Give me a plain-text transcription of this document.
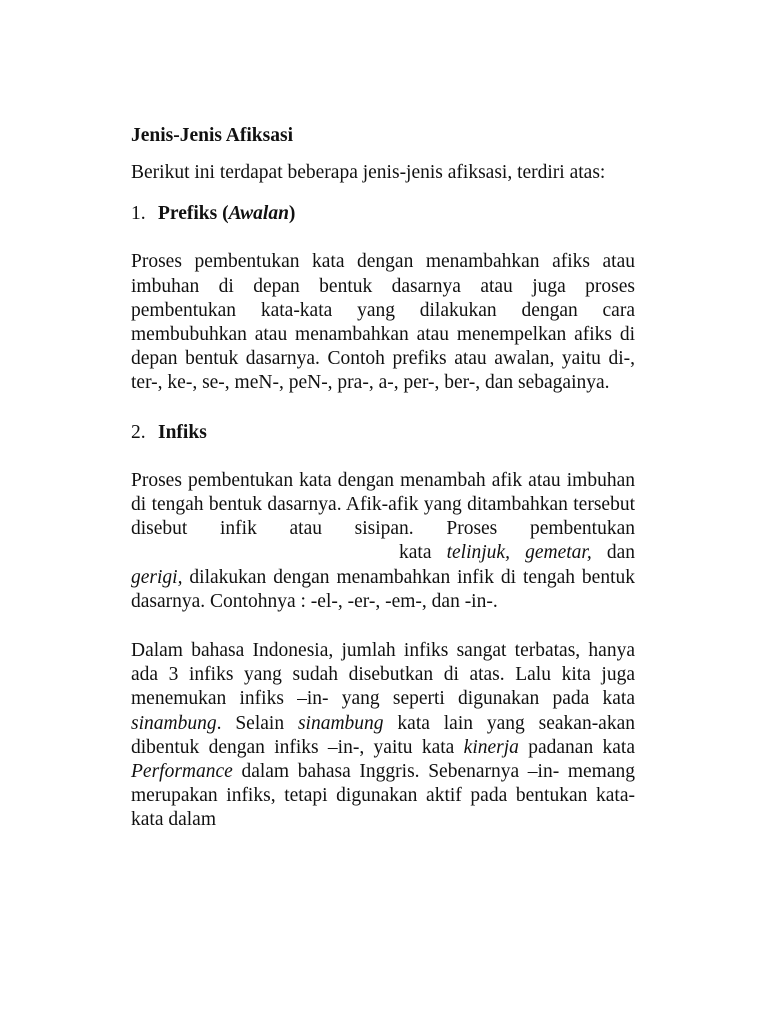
Jenis-Jenis Afiksasi

Berikut ini terdapat beberapa jenis-jenis afiksasi, terdiri atas:

1. Prefiks (Awalan)

Proses pembentukan kata dengan menambahkan afiks atau imbuhan di depan bentuk dasarnya atau juga proses pembentukan kata-kata yang dilakukan dengan cara membubuhkan atau menambahkan atau menempelkan afiks di depan bentuk dasarnya. Contoh prefiks atau awalan, yaitu di-, ter-, ke-, se-, meN-, peN-, pra-, a-, per-, ber-, dan sebagainya.

2. Infiks

Proses pembentukan kata dengan menambah afik atau imbuhan di tengah bentuk dasarnya. Afik-afik yang ditambahkan tersebut disebut infik atau sisipan. Proses pembentukankata telinjuk, gemetar, dan gerigi, dilakukan dengan menambahkan infik di tengah bentuk dasarnya. Contohnya : -el-, -er-, -em-, dan -in-.

Dalam bahasa Indonesia, jumlah infiks sangat terbatas, hanya ada 3 infiks yang sudah disebutkan di atas. Lalu kita juga menemukan infiks –in- yang seperti digunakan pada kata sinambung. Selain sinambung kata lain yang seakan-akan dibentuk dengan infiks –in-, yaitu kata kinerja padanan kata Performance dalam bahasa Inggris. Sebenarnya –in- memang merupakan infiks, tetapi digunakan aktif pada bentukan kata-kata dalam
